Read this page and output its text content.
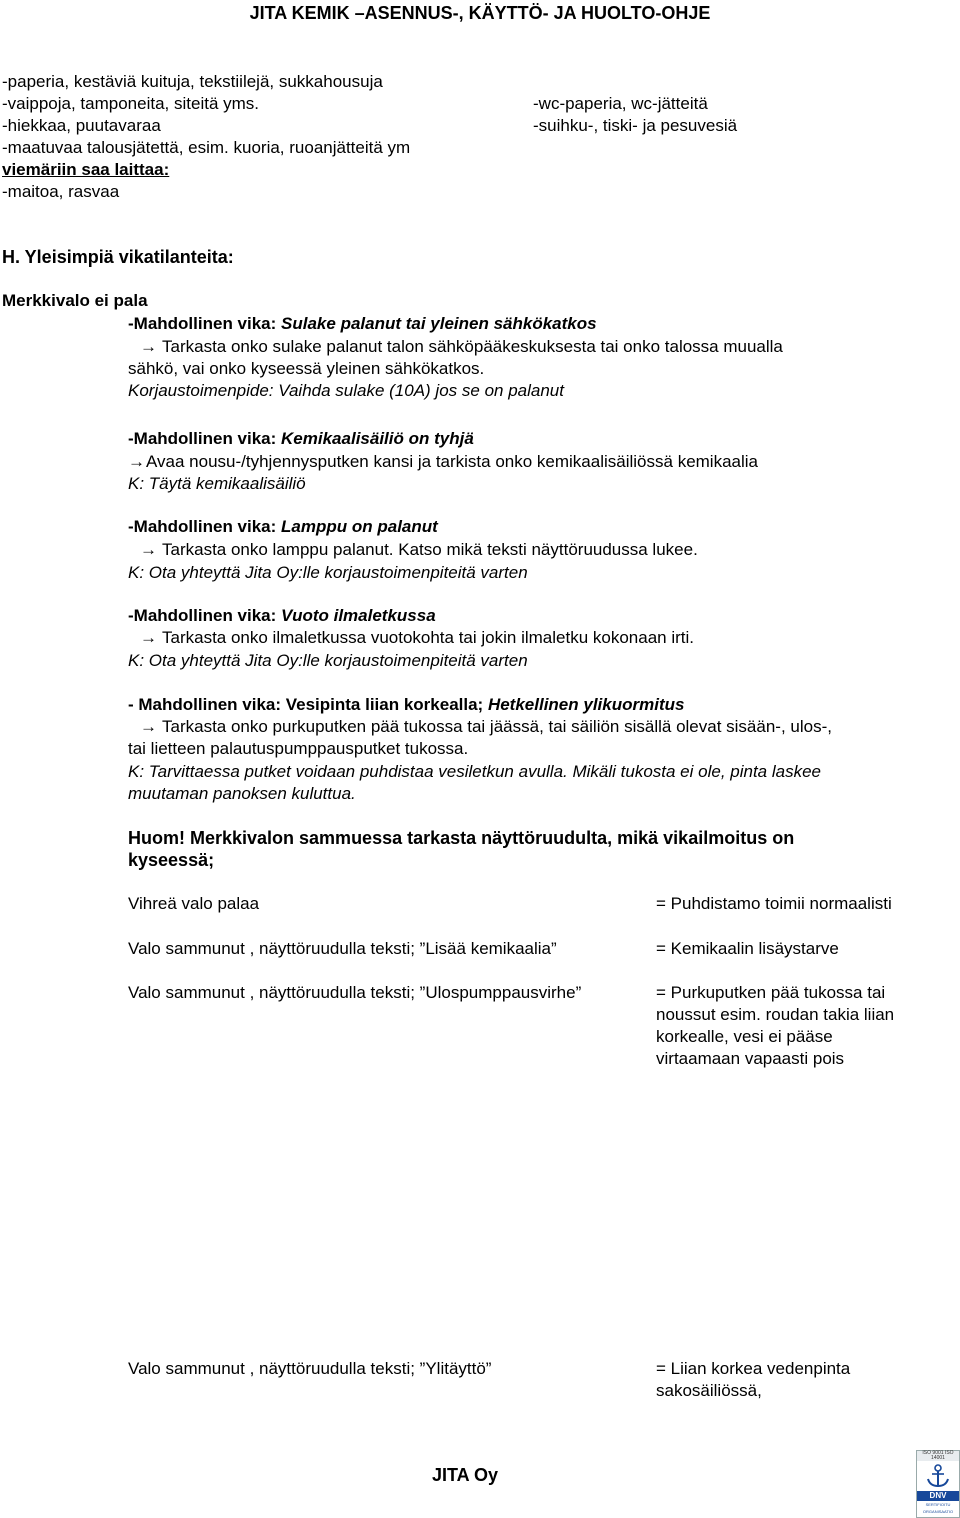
JITA KEMIK –ASENNUS-, KÄYTTÖ- JA HUOLTO-OHJE
-paperia, kestäviä kuituja, tekstiilejä, sukkahousuja
-vaippoja, tamponeita, siteitä yms.
-hiekkaa, puutavaraa
-maatuvaa talousjätettä, esim. kuoria, ruoanjätteitä ym
viemäriin saa laittaa:
-maitoa, rasvaa
-wc-paperia, wc-jätteitä
-suihku-, tiski- ja pesuvesiä
H. Yleisimpiä vikatilanteita:
Merkkivalo ei pala
-Mahdollinen vika: Sulake palanut tai yleinen sähkökatkos
→ Tarkasta onko sulake palanut talon sähköpääkeskuksesta tai onko talossa muualla
sähkö, vai onko kyseessä yleinen sähkökatkos.
Korjaustoimenpide: Vaihda sulake (10A) jos se on palanut
-Mahdollinen vika: Kemikaalisäiliö on tyhjä
→Avaa nousu-/tyhjennysputken kansi ja tarkista onko kemikaalisäiliössä kemikaalia
K: Täytä kemikaalisäiliö
-Mahdollinen vika: Lamppu on palanut
→ Tarkasta onko lamppu palanut. Katso mikä teksti näyttöruudussa lukee.
K: Ota yhteyttä Jita Oy:lle korjaustoimenpiteitä varten
-Mahdollinen vika: Vuoto ilmaletkussa
→ Tarkasta onko ilmaletkussa vuotokohta tai jokin ilmaletku kokonaan irti.
K: Ota yhteyttä Jita Oy:lle korjaustoimenpiteitä varten
- Mahdollinen vika: Vesipinta liian korkealla; Hetkellinen ylikuormitus
→ Tarkasta onko purkuputken pää tukossa tai jäässä, tai säiliön sisällä olevat sisään-, ulos-,
tai lietteen palautuspumppausputket tukossa.
K: Tarvittaessa putket voidaan puhdistaa vesiletkun avulla. Mikäli tukosta ei ole, pinta laskee
muutaman panoksen kuluttua.
Huom! Merkkivalon sammuessa tarkasta näyttöruudulta, mikä vikailmoitus on
kyseessä;
Vihreä valo palaa	= Puhdistamo toimii normaalisti
Valo sammunut , näyttöruudulla teksti; ”Lisää kemikaalia”	= Kemikaalin lisäystarve
Valo sammunut , näyttöruudulla teksti; ”Ulospumppausvirhe”	= Purkuputken pää tukossa tai
noussut esim. roudan takia liian
korkealle, vesi ei pääse
virtaamaan vapaasti pois
Valo sammunut , näyttöruudulla teksti; ”Ylitäyttö”	= Liian korkea vedenpinta
sakosäiliössä,
JITA Oy
ISO 9001 ISO 14001
DNV
SERTIFIOITU ORGANISAATIO
